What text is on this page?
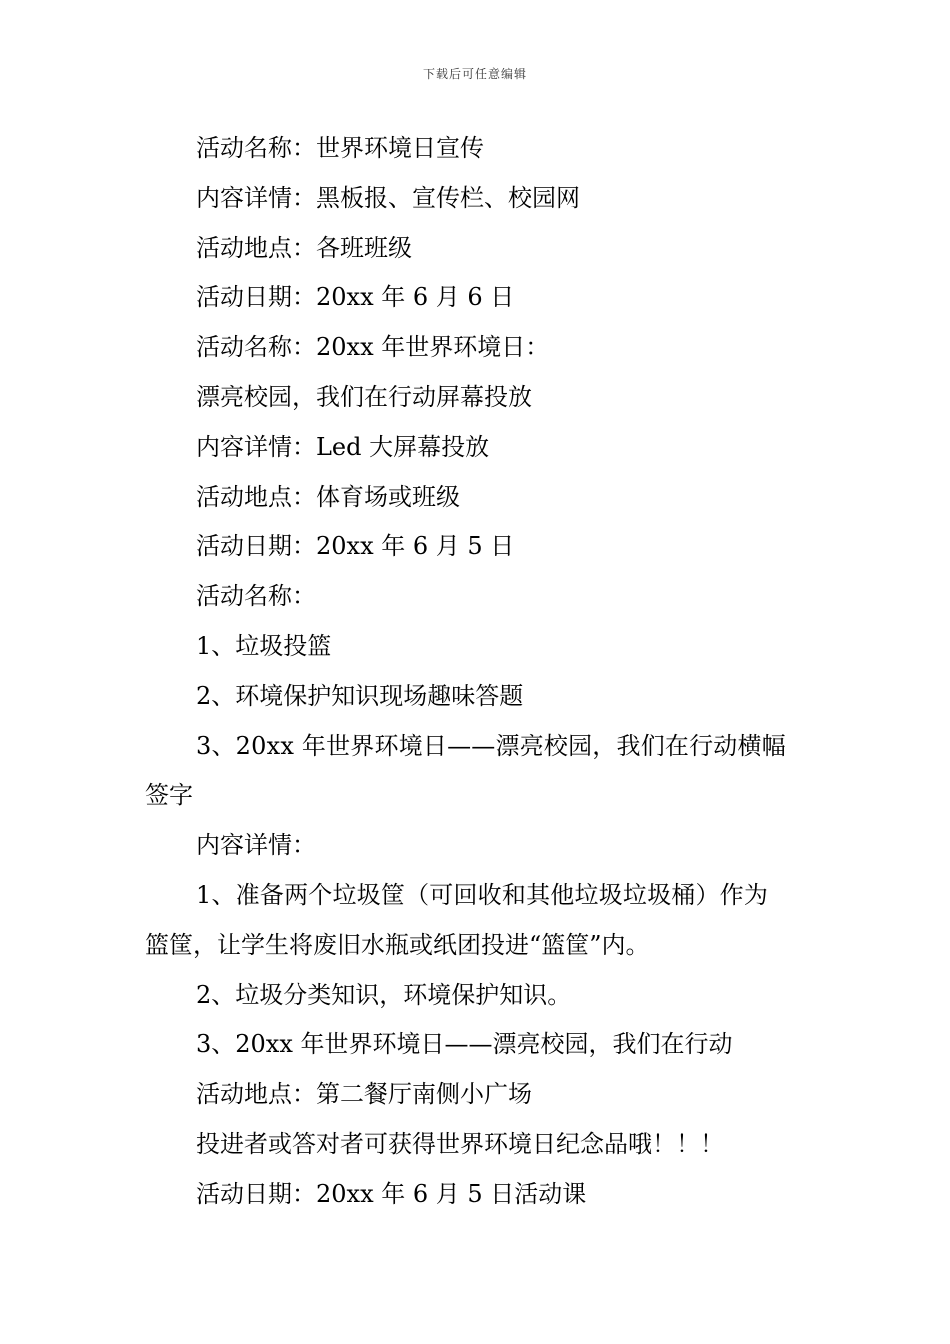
下载后可任意编辑
活动名称：世界环境日宣传
内容详情：黑板报、宣传栏、校园网
活动地点：各班班级
活动日期：20xx 年 6 月 6 日
活动名称：20xx 年世界环境日：
漂亮校园，我们在行动屏幕投放
内容详情：Led 大屏幕投放
活动地点：体育场或班级
活动日期：20xx 年 6 月 5 日
活动名称：
1、垃圾投篮
2、环境保护知识现场趣味答题
3、20xx 年世界环境日——漂亮校园，我们在行动横幅
签字
内容详情：
1、准备两个垃圾筐（可回收和其他垃圾垃圾桶）作为
篮筐，让学生将废旧水瓶或纸团投进“篮筐”内。
2、垃圾分类知识，环境保护知识。
3、20xx 年世界环境日——漂亮校园，我们在行动
活动地点：第二餐厅南侧小广场
投进者或答对者可获得世界环境日纪念品哦！！！
活动日期：20xx 年 6 月 5 日活动课
